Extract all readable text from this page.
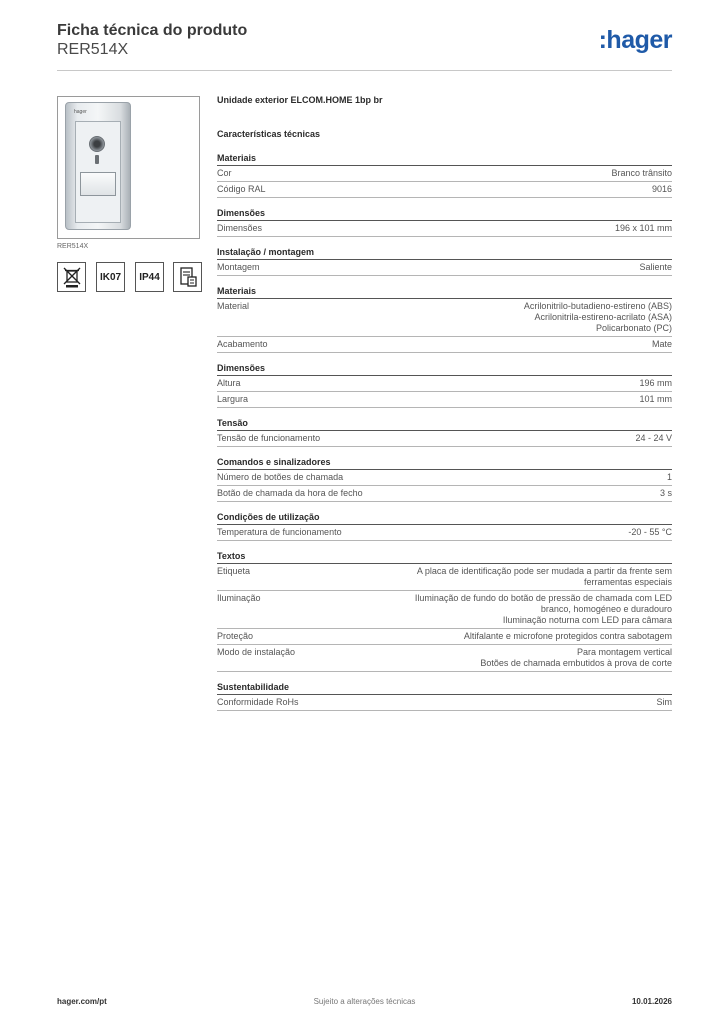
Ficha técnica do produto
RER514X	:hager
hager
RER514X
IK07	IP44
Unidade exterior ELCOM.HOME 1bp br
Características técnicas
Materiais
Cor	Branco trânsito
Código RAL	9016
Dimensões
Dimensões	196 x 101 mm
Instalação / montagem
Montagem	Saliente
Materiais
Material	Acrilonitrilo-butadieno-estireno (ABS)
Acrilonitrila-estireno-acrilato (ASA)
Policarbonato (PC)
Acabamento	Mate
Dimensões
Altura	196 mm
Largura	101 mm
Tensão
Tensão de funcionamento	24 - 24 V
Comandos e sinalizadores
Número de botões de chamada	1
Botão de chamada da hora de fecho	3 s
Condições de utilização
Temperatura de funcionamento	-20 - 55 °C
Textos
Etiqueta	A placa de identificação pode ser mudada a partir da frente sem
ferramentas especiais
Iluminação	Iluminação de fundo do botão de pressão de chamada com LED
branco, homogéneo e duradouro
Iluminação noturna com LED para câmara
Proteção	Altifalante e microfone protegidos contra sabotagem
Modo de instalação	Para montagem vertical
Botões de chamada embutidos à prova de corte
Sustentabilidade
Conformidade RoHs	Sim
hager.com/pt	Sujeito a alterações técnicas	10.01.2026
